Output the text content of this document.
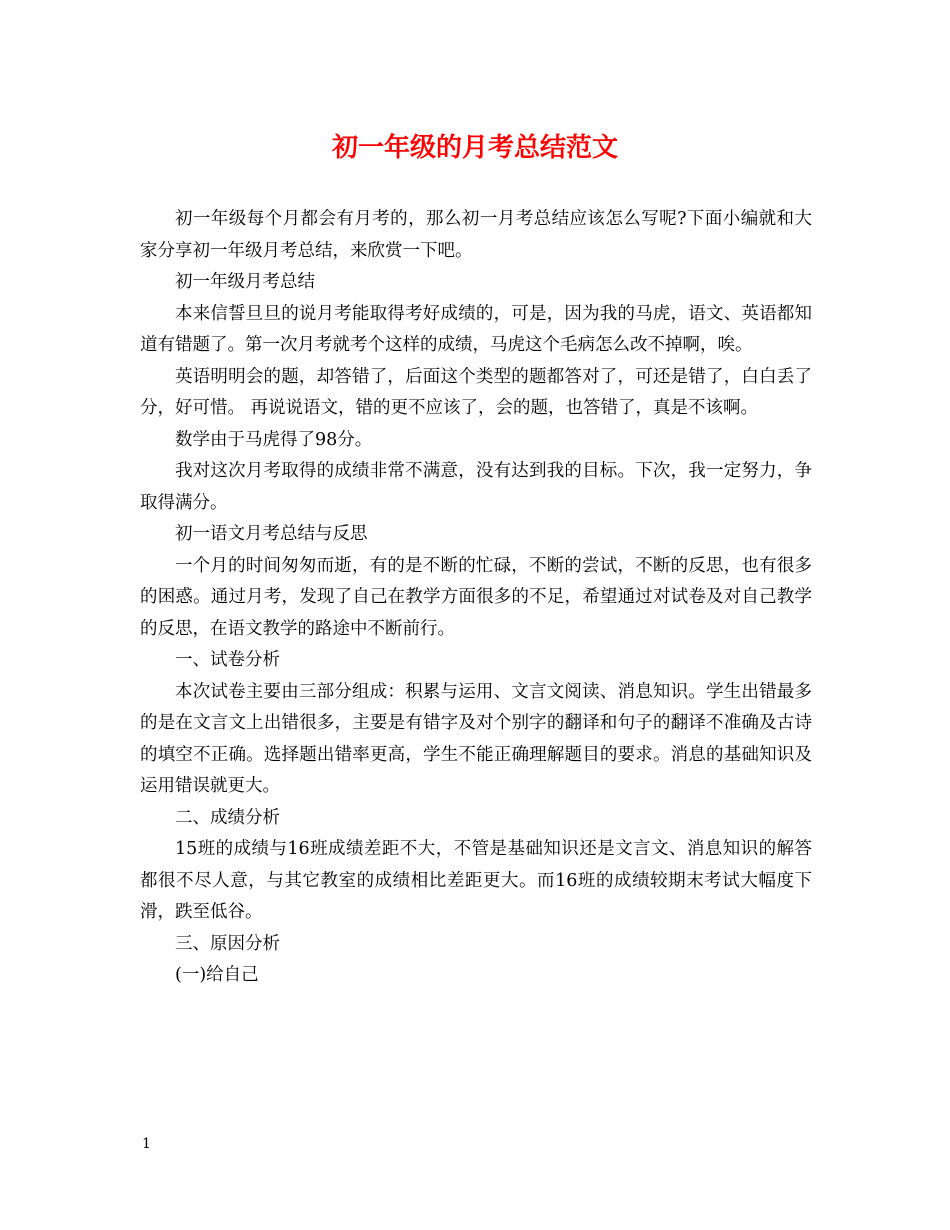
初一年级的月考总结范文

初一年级每个月都会有月考的，那么初一月考总结应该怎么写呢?下面小编就和大家分享初一年级月考总结，来欣赏一下吧。

初一年级月考总结

本来信誓旦旦的说月考能取得考好成绩的，可是，因为我的马虎，语文、英语都知道有错题了。第一次月考就考个这样的成绩，马虎这个毛病怎么改不掉啊，唉。

英语明明会的题，却答错了，后面这个类型的题都答对了，可还是错了，白白丢了分，好可惜。 再说说语文，错的更不应该了，会的题，也答错了，真是不该啊。

数学由于马虎得了98分。

我对这次月考取得的成绩非常不满意，没有达到我的目标。下次，我一定努力，争取得满分。

初一语文月考总结与反思

一个月的时间匆匆而逝，有的是不断的忙碌，不断的尝试，不断的反思，也有很多的困惑。通过月考，发现了自己在教学方面很多的不足，希望通过对试卷及对自己教学的反思，在语文教学的路途中不断前行。

一、试卷分析

本次试卷主要由三部分组成：积累与运用、文言文阅读、消息知识。学生出错最多的是在文言文上出错很多，主要是有错字及对个别字的翻译和句子的翻译不准确及古诗的填空不正确。选择题出错率更高，学生不能正确理解题目的要求。消息的基础知识及运用错误就更大。

二、成绩分析

15班的成绩与16班成绩差距不大，不管是基础知识还是文言文、消息知识的解答都很不尽人意，与其它教室的成绩相比差距更大。而16班的成绩较期末考试大幅度下滑，跌至低谷。

三、原因分析

(一)给自己

1
